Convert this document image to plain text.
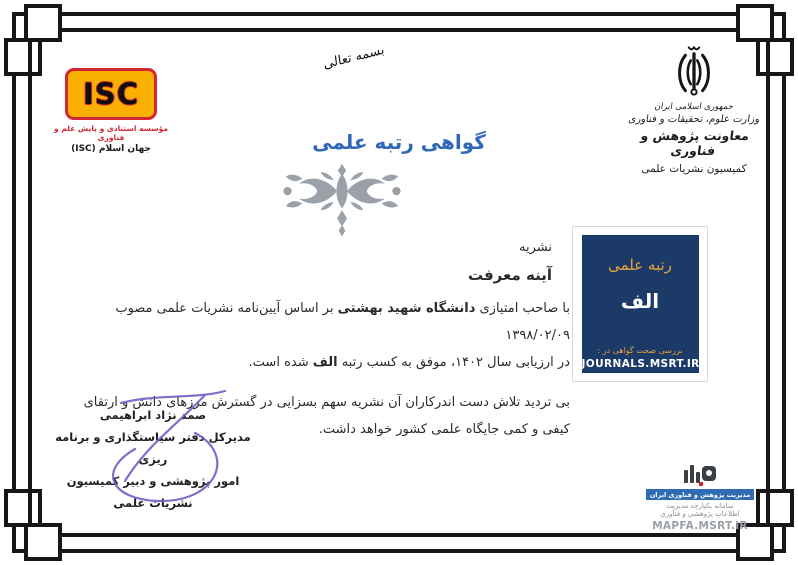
ISC
مؤسسه استنادی و پایش علم و فناوری
جهان اسلام (ISC)
بسمه تعالی
جمهوری اسلامی ایران
وزارت علوم، تحقیقات و فناوری
معاونت پژوهش و فناوری
کمیسیون نشریات علمی
گواهی رتبه علمی
نشریه
آینه معرفت
با صاحب امتیازی دانشگاه شهید بهشتی بر اساس آیین‌نامه نشریات علمی مصوب ۱۳۹۸/۰۲/۰۹
در ارزیابی سال ۱۴۰۲، موفق به کسب رتبه الف شده است.
بی تردید تلاش دست اندرکاران آن نشریه سهم بسزایی در گسترش مرزهای دانش و ارتقای
کیفی و کمی جایگاه علمی کشور خواهد داشت.
رتبه علمی
الف
بررسی صحت گواهی در :
JOURNALS.MSRT.IR
صمد نژاد ابراهیمی
مدیرکل دفتر سیاستگذاری و برنامه ریزی
امور پژوهشی و دبیر کمیسیون
نشریات علمی
مدیریت پژوهش و فناوری ایران
سامانه یکپارچه مدیریت
اطلاعات پژوهشی و فنآوری
MAPFA.MSRT.IR
